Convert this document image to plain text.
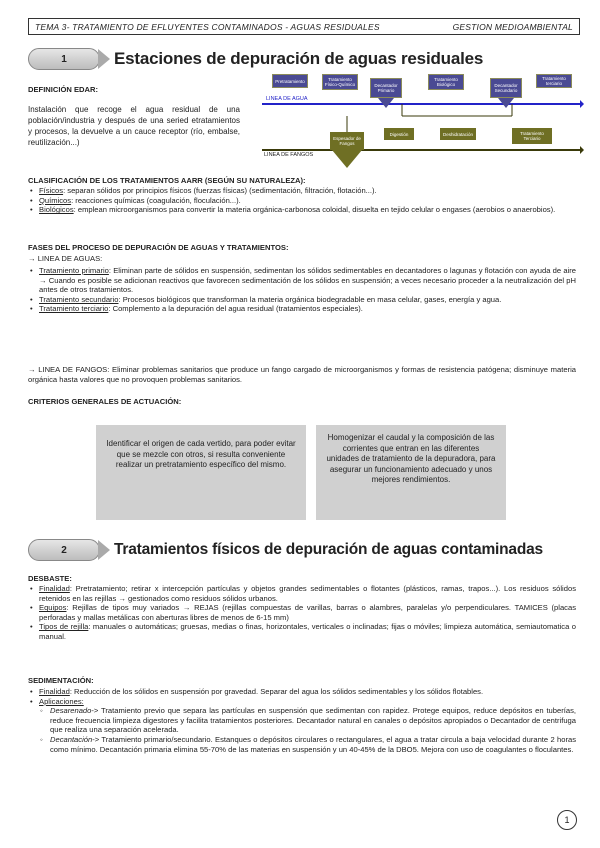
TEMA 3- TRATAMIENTO DE EFLUYENTES CONTAMINADOS - AGUAS RESIDUALES	GESTION MEDIOAMBIENTAL
1	Estaciones de depuración de aguas residuales
DEFINICIÓN EDAR:
Instalación que recoge el agua residual de una población/industria y después de una seried etratamientos y procesos, la devuelve a un cauce receptor (río, embalse, reutilización...)
Pretratamiento	Tratamiento Físico-Químico	Decantador Primario
Tratamiento Biológico	Decantador Secundario
Tratamiento terciario
LINEA DE AGUA
LINEA DE FANGOS
Espesador de Fangos
Digestión	Deshidratación	Tratamiento Terciario
CLASIFICACIÓN DE LOS TRATAMIENTOS AARR (SEGÚN SU NATURALEZA):
• Físicos: separan sólidos por principios físicos (fuerzas físicas) (sedimentación, filtración, flotación...).
• Químicos: reacciones químicas (coagulación, floculación...).
• Biológicos: emplean microorganismos para convertir la materia orgánica-carbonosa coloidal, disuelta en tejido celular o engases (aerobios o anaerobios).
FASES DEL PROCESO DE DEPURACIÓN DE AGUAS Y TRATAMIENTOS:
→ LINEA DE AGUAS:
• Tratamiento primario: Eliminan parte de sólidos en suspensión, sedimentan los sólidos sedimentables en decantadores o lagunas y flotación con ayuda de aire → Cuando es posible se adicionan reactivos que favorecen sedimentación de los sólidos en suspensión; a veces necesario proceder a la neutralización del pH antes de otros tratamientos.
• Tratamiento secundario: Procesos biológicos que transforman la materia orgánica biodegradable en masa celular, gases, energía y agua.
• Tratamiento terciario: Complemento a la depuración del agua residual (tratamientos especiales).
→ LINEA DE FANGOS: Eliminar problemas sanitarios que produce un fango cargado de microorganismos y formas de resistencia patógena; disminuye materia orgánica hasta valores que no provoquen problemas sanitarios.
CRITERIOS GENERALES DE ACTUACIÓN:
Identificar el origen de cada vertido, para poder evitar que se mezcle con otros, si resulta conveniente realizar un pretratamiento específico del mismo.
Homogenizar el caudal y la composición de las corrientes que entran en las diferentes unidades de tratamiento de la depuradora, para asegurar un funcionamiento adecuado y unos mejores rendimientos.
2	Tratamientos físicos de depuración de aguas contaminadas
DESBASTE:
• Finalidad: Pretratamiento; retirar x intercepción partículas y objetos grandes sedimentables o flotantes (plásticos, ramas, trapos...). Los residuos sólidos retenidos en las rejillas → gestionados como residuos sólidos urbanos.
• Equipos: Rejillas de tipos muy variados → REJAS (rejillas compuestas de varillas, barras o alambres, paralelas y/o perpendiculares. TAMICES (placas perforadas y mallas metálicas con aberturas libres de menos de 6-15 mm)
• Tipos de rejilla: manuales o automáticas; gruesas, medias o finas, horizontales, verticales o inclinadas; fijas o móviles; limpieza automática, semiautomatica o manual.
SEDIMENTACIÓN:
• Finalidad: Reducción de los sólidos en suspensión por gravedad. Separar del agua los sólidos sedimentables y los sólidos flotables.
• Aplicaciones:
◦ Desarenado-> Tratamiento previo que separa las partículas en suspensión que sedimentan con rapidez. Protege equipos, reduce depósitos en tuberías, reduce frecuencia limpieza digestores y facilita tratamientos posteriores. Decantador natural en canales o depósitos apropiados o Decantador de centrifuga que realiza una separación acelerada.
◦ Decantación-> Tratamiento primario/secundario. Estanques o depósitos circulares o rectangulares, el agua a tratar circula a baja velocidad durante 2 horas como mínimo. Decantación primaria elimina 55-70% de las materias en suspensión y un 40-45% de la DBO5. Mejora con uso de coagulantes o floculantes.
1
